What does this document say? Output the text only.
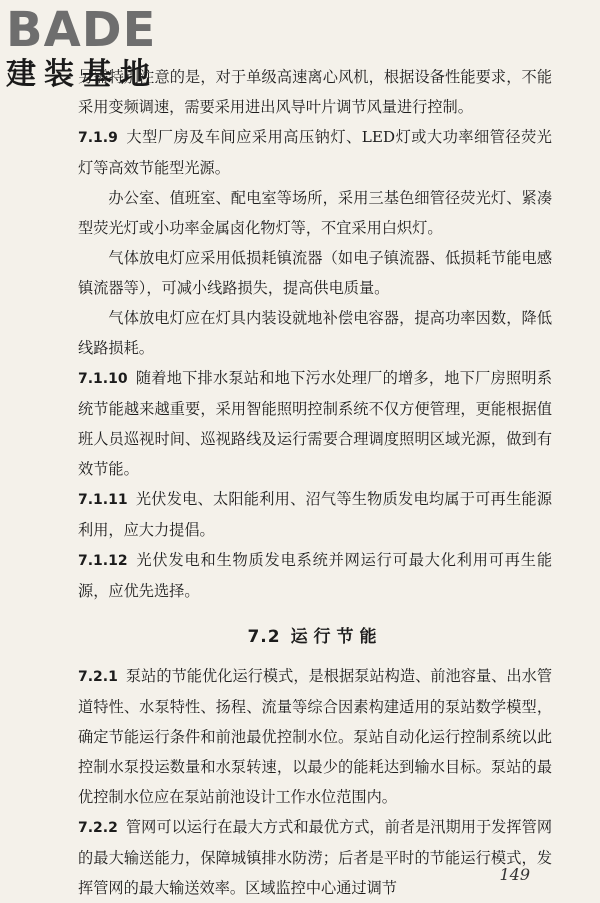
BADE
建装基地

另需特别注意的是，对于单级高速离心风机，根据设备性能要求，不能采用变频调速，需要采用进出风导叶片调节风量进行控制。

7.1.9 大型厂房及车间应采用高压钠灯、LED灯或大功率细管径荧光灯等高效节能型光源。

办公室、值班室、配电室等场所，采用三基色细管径荧光灯、紧凑型荧光灯或小功率金属卤化物灯等，不宜采用白炽灯。

气体放电灯应采用低损耗镇流器（如电子镇流器、低损耗节能电感镇流器等），可减小线路损失，提高供电质量。

气体放电灯应在灯具内装设就地补偿电容器，提高功率因数，降低线路损耗。

7.1.10 随着地下排水泵站和地下污水处理厂的增多，地下厂房照明系统节能越来越重要，采用智能照明控制系统不仅方便管理，更能根据值班人员巡视时间、巡视路线及运行需要合理调度照明区域光源，做到有效节能。

7.1.11 光伏发电、太阳能利用、沼气等生物质发电均属于可再生能源利用，应大力提倡。

7.1.12 光伏发电和生物质发电系统并网运行可最大化利用可再生能源，应优先选择。

7.2 运行节能

7.2.1 泵站的节能优化运行模式，是根据泵站构造、前池容量、出水管道特性、水泵特性、扬程、流量等综合因素构建适用的泵站数学模型，确定节能运行条件和前池最优控制水位。泵站自动化运行控制系统以此控制水泵投运数量和水泵转速，以最少的能耗达到输水目标。泵站的最优控制水位应在泵站前池设计工作水位范围内。

7.2.2 管网可以运行在最大方式和最优方式，前者是汛期用于发挥管网的最大输送能力，保障城镇排水防涝；后者是平时的节能运行模式，发挥管网的最大输送效率。区域监控中心通过调节

149
